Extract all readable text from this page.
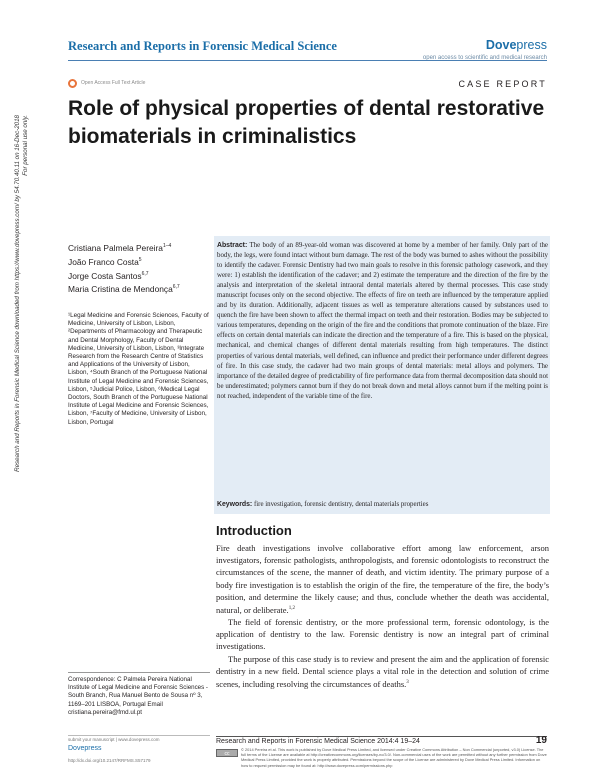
Research and Reports in Forensic Medical Science	Dovepress
open access to scientific and medical research
Open Access Full Text Article	CASE REPORT
Role of physical properties of dental restorative biomaterials in criminalistics
Research and Reports in Forensic Medical Science downloaded from https://www.dovepress.com/ by 54.70.40.11 on 16-Dec-2018 For personal use only.
Cristiana Palmela Pereira$^{1-4}$
João Franco Costa$^5$
Jorge Costa Santos$^{6,7}$
Maria Cristina de Mendonça$^{6,7}$
¹Legal Medicine and Forensic Sciences, Faculty of Medicine, University of Lisbon, Lisbon, ²Departments of Pharmacology and Therapeutic and Dental Morphology, Faculty of Dental Medicine, University of Lisbon, Lisbon, ³Integrate Research from the Research Centre of Statistics and Applications of the University of Lisbon, Lisbon, ⁴South Branch of the Portuguese National Institute of Legal Medicine and Forensic Sciences, Lisbon, ⁵Judicial Police, Lisbon, ⁶Medical Legal Doctors, South Branch of the Portuguese National Institute of Legal Medicine and Forensic Sciences, Lisbon, ⁷Faculty of Medicine, University of Lisbon, Lisbon, Portugal
Abstract: The body of an 89-year-old woman was discovered at home by a member of her family. Only part of the body, the legs, were found intact without burn damage. The rest of the body was burned to ashes without the possibility to identify the cadaver. Forensic Dentistry had two main goals to resolve in this forensic pathology casework, and they were: 1) establish the identification of the cadaver; and 2) estimate the temperature and the direction of the fire by the analysis and interpretation of the skeletal intraoral dental materials altered by thermal processes. This case study manuscript focuses only on the second objective. The effects of fire on teeth are influenced by the temperature applied and by its duration. Additionally, adjacent tissues as well as temperature alterations caused by substances used to quench the fire have been shown to affect the thermal impact on teeth and their restoration. Bodies may be subjected to various temperatures, depending on the origin of the fire and the conditions that promote continuation of the blaze. Fire effects on certain dental materials can indicate the direction and the temperature of a fire. This is based on the physical, mechanical, and chemical changes of different dental materials resulting from high temperatures. The distinct properties of various dental materials, well defined, can influence and predict their performance under different degrees of fire. In this case study, the cadaver had two main groups of dental materials: metal alloys and polymers. The importance of the detailed degree of predictability of fire performance data from thermal decomposition data should not be underestimated; polymers cannot burn if they do not break down and metal alloys cannot burn if the melting point is not reached, independent of the variable time of the fire.
Keywords: fire investigation, forensic dentistry, dental materials properties
Introduction

Fire death investigations involve collaborative effort among law enforcement, arson investigators, forensic pathologists, anthropologists, and forensic odontologists to reconstruct the circumstances of the scene, the manner of death, and victim identity. The primary purpose of a body fire investigation is to establish the origin of the fire, the temperature of the fire, the body’s position, and determine the likely cause; and thus, conclude whether the death was accidental, natural, or deliberate.$^{1,2}$

The field of forensic dentistry, or the more professional term, forensic odontology, is the application of dentistry to the law. Forensic dentistry is now an integral part of criminal investigations.

The purpose of this case study is to review and present the aim and the application of forensic dentistry in a new field. Dental science plays a vital role in the detection and solution of crime scenes, including resolving the circumstances of deaths.$^3$

Correspondence: C Palmela Pereira National Institute of Legal Medicine and Forensic Sciences - South Branch, Rua Manuel Bento de Sousa nº 3, 1169–201 LISBOA, Portugal Email cristiana.pereira@fmd.ul.pt
submit your manuscript | www.dovepress.com
Dovepress
http://dx.doi.org/10.2147/RRFMS.S57179
Research and Reports in Forensic Medical Science 2014:4 19–24	19
cc
© 2014 Pereira et al. This work is published by Dove Medical Press Limited, and licensed under Creative Commons Attribution – Non Commercial (unported, v3.0) License. The full terms of the License are available at http://creativecommons.org/licenses/by-nc/3.0/. Non-commercial uses of the work are permitted without any further permission from Dove Medical Press Limited, provided the work is properly attributed. Permissions beyond the scope of the License are administered by Dove Medical Press Limited. Information on how to request permission may be found at: http://www.dovepress.com/permissions.php
